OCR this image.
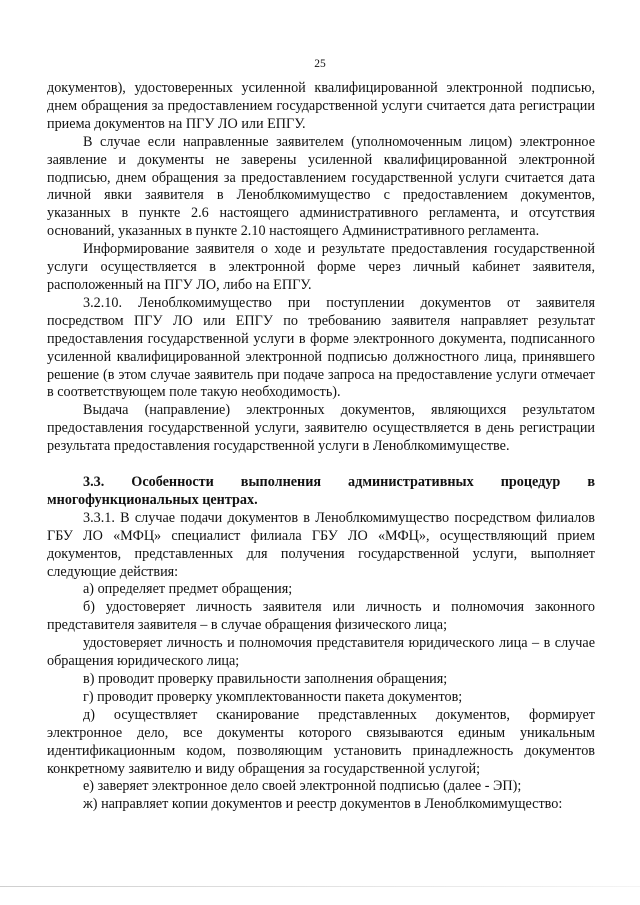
25

документов), удостоверенных усиленной квалифицированной электронной подписью, днем обращения за предоставлением государственной услуги считается дата регистрации приема документов на ПГУ ЛО или ЕПГУ.

В случае если направленные заявителем (уполномоченным лицом) электронное заявление и документы не заверены усиленной квалифицированной электронной подписью, днем обращения за предоставлением государственной услуги считается дата личной явки заявителя в Леноблкомимущество с предоставлением документов, указанных в пункте 2.6 настоящего административного регламента, и отсутствия оснований, указанных в пункте 2.10 настоящего Административного регламента.

Информирование заявителя о ходе и результате предоставления государственной услуги осуществляется в электронной форме через личный кабинет заявителя, расположенный на ПГУ ЛО, либо на ЕПГУ.

3.2.10. Леноблкомимущество при поступлении документов от заявителя посредством ПГУ ЛО или ЕПГУ по требованию заявителя направляет результат предоставления государственной услуги в форме электронного документа, подписанного усиленной квалифицированной электронной подписью должностного лица, принявшего решение (в этом случае заявитель при подаче запроса на предоставление услуги отмечает в соответствующем поле такую необходимость).

Выдача (направление) электронных документов, являющихся результатом предоставления государственной услуги, заявителю осуществляется в день регистрации результата предоставления государственной услуги в Леноблкомимуществе.

3.3. Особенности выполнения административных процедур в многофункциональных центрах.

3.3.1. В случае подачи документов в Леноблкомимущество посредством филиалов ГБУ ЛО «МФЦ» специалист филиала ГБУ ЛО «МФЦ», осуществляющий прием документов, представленных для получения государственной услуги, выполняет следующие действия:

а) определяет предмет обращения;

б) удостоверяет личность заявителя или личность и полномочия законного представителя заявителя – в случае обращения физического лица;

удостоверяет личность и полномочия представителя юридического лица – в случае обращения юридического лица;

в) проводит проверку правильности заполнения обращения;

г) проводит проверку укомплектованности пакета документов;

д) осуществляет сканирование представленных документов, формирует электронное дело, все документы которого связываются единым уникальным идентификационным кодом, позволяющим установить принадлежность документов конкретному заявителю и виду обращения за государственной услугой;

е) заверяет электронное дело своей электронной подписью (далее - ЭП);

ж) направляет копии документов и реестр документов в Леноблкомимущество:
